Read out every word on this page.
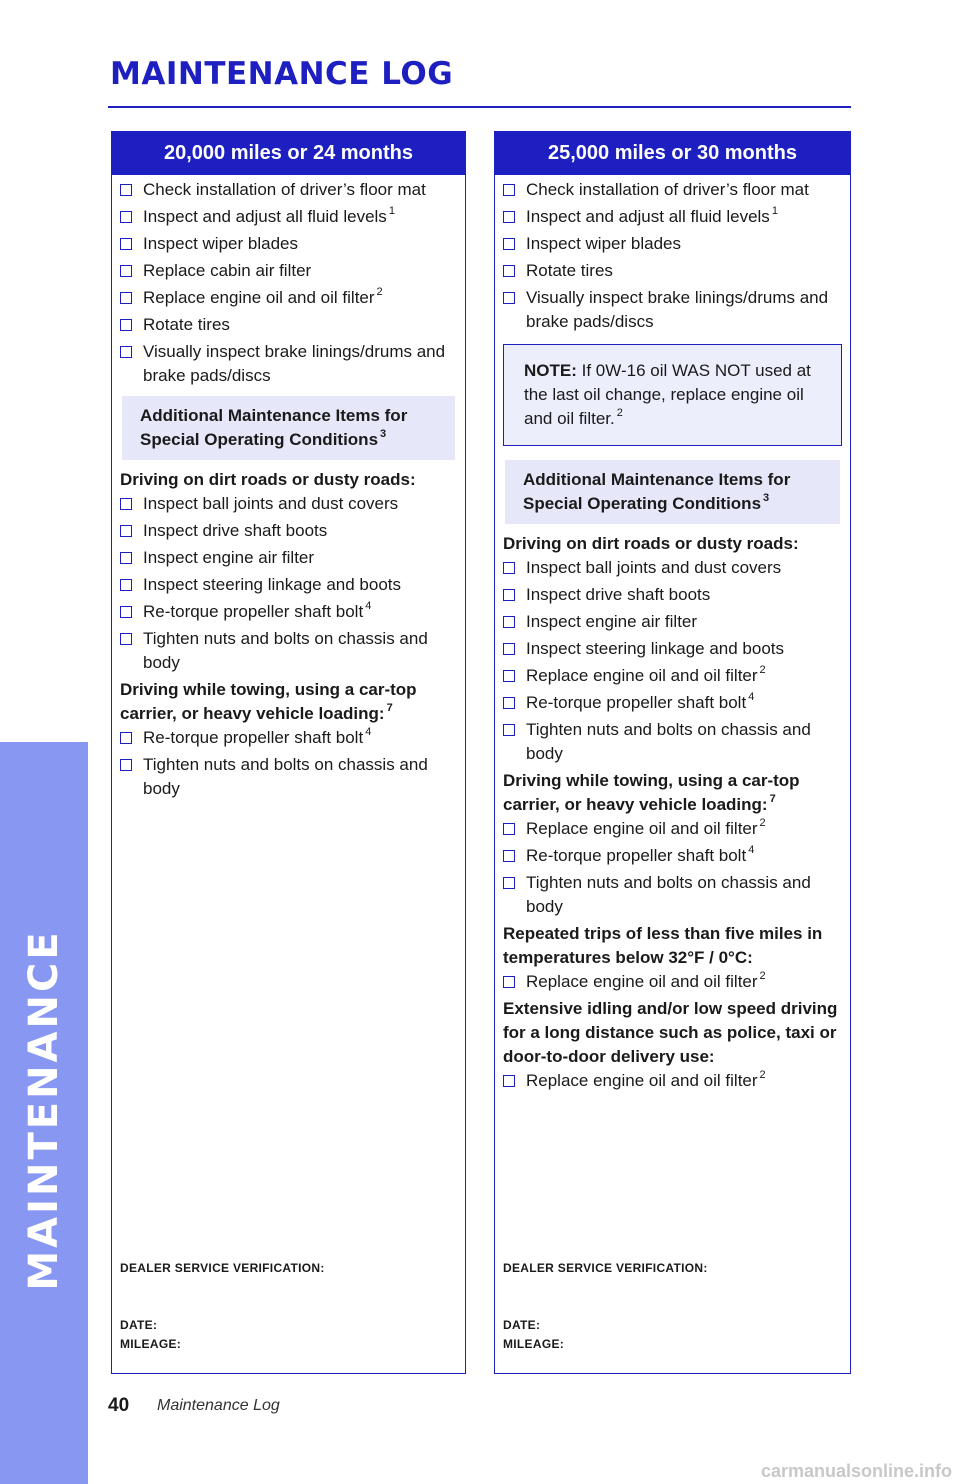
MAINTENANCE
MAINTENANCE LOG
20,000 miles or 24 months
Check installation of driver’s floor mat
Inspect and adjust all fluid levels $^1$
Inspect wiper blades
Replace cabin air filter
Replace engine oil and oil filter $^2$
Rotate tires
Visually inspect brake linings/drums and brake pads/discs
Additional Maintenance Items for Special Operating Conditions $^3$
Driving on dirt roads or dusty roads:
Inspect ball joints and dust covers
Inspect drive shaft boots
Inspect engine air filter
Inspect steering linkage and boots
Re-torque propeller shaft bolt $^4$
Tighten nuts and bolts on chassis and body
Driving while towing, using a car-top carrier, or heavy vehicle loading: $^7$
Re-torque propeller shaft bolt $^4$
Tighten nuts and bolts on chassis and body
DEALER SERVICE VERIFICATION:
DATE:
MILEAGE:
25,000 miles or 30 months
Check installation of driver’s floor mat
Inspect and adjust all fluid levels $^1$
Inspect wiper blades
Rotate tires
Visually inspect brake linings/drums and brake pads/discs
NOTE: If 0W-16 oil WAS NOT used at the last oil change, replace engine oil and oil filter. $^2$
Additional Maintenance Items for Special Operating Conditions $^3$
Driving on dirt roads or dusty roads:
Inspect ball joints and dust covers
Inspect drive shaft boots
Inspect engine air filter
Inspect steering linkage and boots
Replace engine oil and oil filter $^2$
Re-torque propeller shaft bolt $^4$
Tighten nuts and bolts on chassis and body
Driving while towing, using a car-top carrier, or heavy vehicle loading: $^7$
Replace engine oil and oil filter $^2$
Re-torque propeller shaft bolt $^4$
Tighten nuts and bolts on chassis and body
Repeated trips of less than five miles in temperatures below 32°F / 0°C:
Replace engine oil and oil filter $^2$
Extensive idling and/or low speed driving for a long distance such as police, taxi or door-to-door delivery use:
Replace engine oil and oil filter $^2$
DEALER SERVICE VERIFICATION:
DATE:
MILEAGE:
40 Maintenance Log
carmanualsonline.info
